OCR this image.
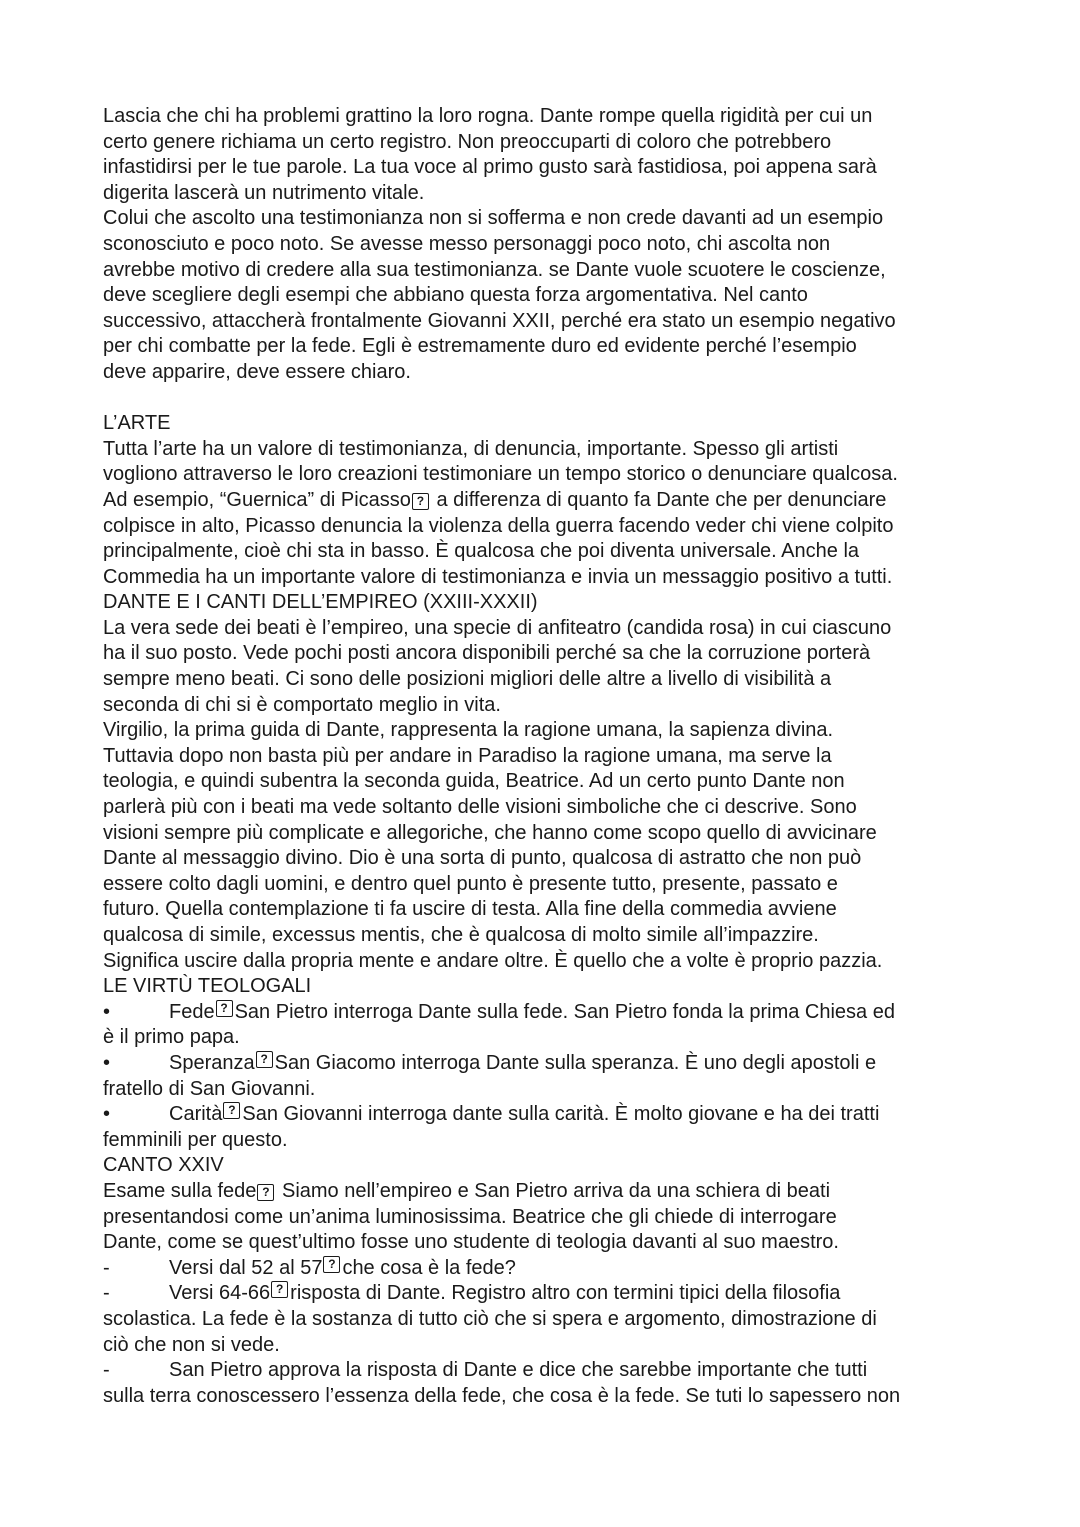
Lascia che chi ha problemi grattino la loro rogna. Dante rompe quella rigidità per cui un
certo genere richiama un certo registro. Non preoccuparti di coloro che potrebbero
infastidirsi per le tue parole. La tua voce al primo gusto sarà fastidiosa, poi appena sarà
digerita lascerà un nutrimento vitale.
Colui che ascolto una testimonianza non si sofferma e non crede davanti ad un esempio
sconosciuto e poco noto. Se avesse messo personaggi poco noto, chi ascolta non
avrebbe motivo di credere alla sua testimonianza. se Dante vuole scuotere le coscienze,
deve scegliere degli esempi che abbiano questa forza argomentativa. Nel canto
successivo, attaccherà frontalmente Giovanni XXII, perché era stato un esempio negativo
per chi combatte per la fede. Egli è estremamente duro ed evidente perché l’esempio
deve apparire, deve essere chiaro.
L’ARTE
Tutta l’arte ha un valore di testimonianza, di denuncia, importante. Spesso gli artisti
vogliono attraverso le loro creazioni testimoniare un tempo storico o denunciare qualcosa.
Ad esempio, “Guernica” di Picasso ? a differenza di quanto fa Dante che per denunciare
colpisce in alto, Picasso denuncia la violenza della guerra facendo veder chi viene colpito
principalmente, cioè chi sta in basso. È qualcosa che poi diventa universale. Anche la
Commedia ha un importante valore di testimonianza e invia un messaggio positivo a tutti.
DANTE E I CANTI DELL’EMPIREO (XXIII-XXXII)
La vera sede dei beati è l’empireo, una specie di anfiteatro (candida rosa) in cui ciascuno
ha il suo posto. Vede pochi posti ancora disponibili perché sa che la corruzione porterà
sempre meno beati. Ci sono delle posizioni migliori delle altre a livello di visibilità a
seconda di chi si è comportato meglio in vita.
Virgilio, la prima guida di Dante, rappresenta la ragione umana, la sapienza divina.
Tuttavia dopo non basta più per andare in Paradiso la ragione umana, ma serve la
teologia, e quindi subentra la seconda guida, Beatrice. Ad un certo punto Dante non
parlerà più con i beati ma vede soltanto delle visioni simboliche che ci descrive. Sono
visioni sempre più complicate e allegoriche, che hanno come scopo quello di avvicinare
Dante al messaggio divino. Dio è una sorta di punto, qualcosa di astratto che non può
essere colto dagli uomini, e dentro quel punto è presente tutto, presente, passato e
futuro. Quella contemplazione ti fa uscire di testa. Alla fine della commedia avviene
qualcosa di simile, excessus mentis, che è qualcosa di molto simile all’impazzire.
Significa uscire dalla propria mente e andare oltre. È quello che a volte è proprio pazzia.
LE VIRTÙ TEOLOGALI
•	Fede ? San Pietro interroga Dante sulla fede. San Pietro fonda la prima Chiesa ed
è il primo papa.
•	Speranza ? San Giacomo interroga Dante sulla speranza. È uno degli apostoli e
fratello di San Giovanni.
•	Carità ? San Giovanni interroga dante sulla carità. È molto giovane e ha dei tratti
femminili per questo.
CANTO XXIV
Esame sulla fede ? Siamo nell’empireo e San Pietro arriva da una schiera di beati
presentandosi come un’anima luminosissima. Beatrice che gli chiede di interrogare
Dante, come se quest’ultimo fosse uno studente di teologia davanti al suo maestro.
-	Versi dal 52 al 57 ? che cosa è la fede?
-	Versi 64-66 ? risposta di Dante. Registro altro con termini tipici della filosofia
scolastica. La fede è la sostanza di tutto ciò che si spera e argomento, dimostrazione di
ciò che non si vede.
-	San Pietro approva la risposta di Dante e dice che sarebbe importante che tutti
sulla terra conoscessero l’essenza della fede, che cosa è la fede. Se tuti lo sapessero non
